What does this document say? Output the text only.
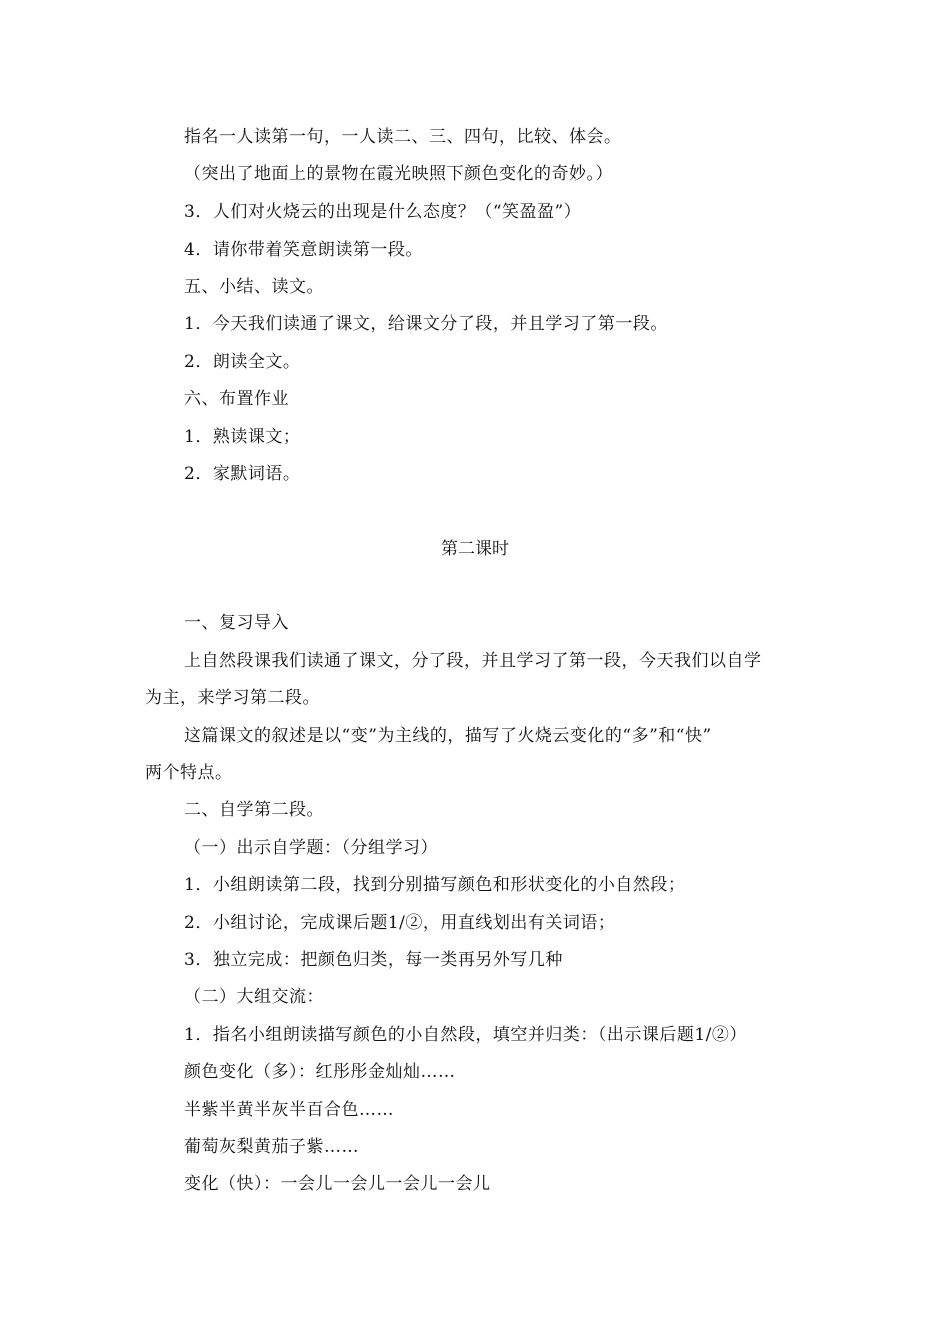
指名一人读第一句，一人读二、三、四句，比较、体会。
（突出了地面上的景物在霞光映照下颜色变化的奇妙。）
3．人们对火烧云的出现是什么态度？（“笑盈盈”）
4．请你带着笑意朗读第一段。
五、小结、读文。
1．今天我们读通了课文，给课文分了段，并且学习了第一段。
2．朗读全文。
六、布置作业
1．熟读课文；
2．家默词语。
第二课时
一、复习导入
上自然段课我们读通了课文，分了段，并且学习了第一段，今天我们以自学
为主，来学习第二段。
这篇课文的叙述是以“变”为主线的，描写了火烧云变化的“多”和“快”
两个特点。
二、自学第二段。
（一）出示自学题：（分组学习）
1．小组朗读第二段，找到分别描写颜色和形状变化的小自然段；
2．小组讨论，完成课后题1/②，用直线划出有关词语；
3．独立完成：把颜色归类，每一类再另外写几种
（二）大组交流：
1．指名小组朗读描写颜色的小自然段，填空并归类：（出示课后题1/②）
颜色变化（多）：红彤彤金灿灿……
半紫半黄半灰半百合色……
葡萄灰梨黄茄子紫……
变化（快）：一会儿一会儿一会儿一会儿
